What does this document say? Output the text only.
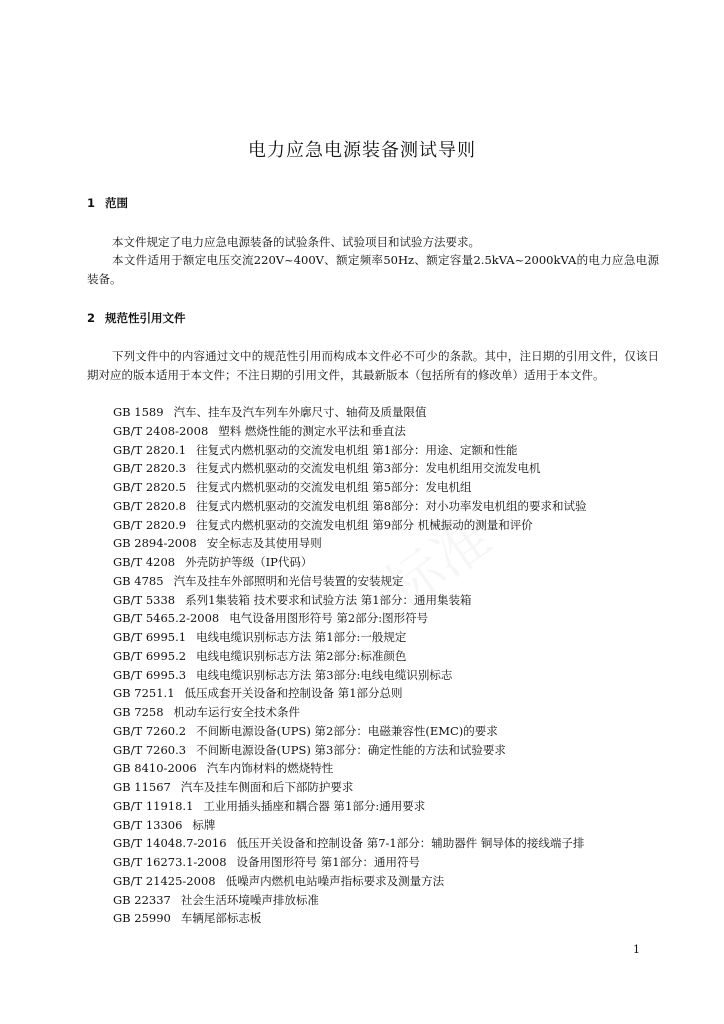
电力应急电源装备测试导则
1 范围

本文件规定了电力应急电源装备的试验条件、试验项目和试验方法要求。

本文件适用于额定电压交流220V~400V、额定频率50Hz、额定容量2.5kVA~2000kVA的电力应急电源装备。

2 规范性引用文件

下列文件中的内容通过文中的规范性引用而构成本文件必不可少的条款。其中，注日期的引用文件，仅该日期对应的版本适用于本文件；不注日期的引用文件，其最新版本（包括所有的修改单）适用于本文件。

GB 1589 汽车、挂车及汽车列车外廓尺寸、轴荷及质量限值
GB/T 2408-2008 塑料 燃烧性能的测定水平法和垂直法
GB/T 2820.1 往复式内燃机驱动的交流发电机组 第1部分：用途、定额和性能
GB/T 2820.3 往复式内燃机驱动的交流发电机组 第3部分：发电机组用交流发电机
GB/T 2820.5 往复式内燃机驱动的交流发电机组 第5部分：发电机组
GB/T 2820.8 往复式内燃机驱动的交流发电机组 第8部分：对小功率发电机组的要求和试验
GB/T 2820.9 往复式内燃机驱动的交流发电机组 第9部分 机械振动的测量和评价
GB 2894-2008 安全标志及其使用导则
GB/T 4208 外壳防护等级（IP代码）
GB 4785 汽车及挂车外部照明和光信号装置的安装规定
GB/T 5338 系列1集装箱 技术要求和试验方法 第1部分：通用集装箱
GB/T 5465.2-2008 电气设备用图形符号 第2部分:图形符号
GB/T 6995.1 电线电缆识别标志方法 第1部分:一般规定
GB/T 6995.2 电线电缆识别标志方法 第2部分:标准颜色
GB/T 6995.3 电线电缆识别标志方法 第3部分:电线电缆识别标志
GB 7251.1 低压成套开关设备和控制设备 第1部分总则
GB 7258 机动车运行安全技术条件
GB/T 7260.2 不间断电源设备(UPS) 第2部分：电磁兼容性(EMC)的要求
GB/T 7260.3 不间断电源设备(UPS) 第3部分：确定性能的方法和试验要求
GB 8410-2006 汽车内饰材料的燃烧特性
GB 11567 汽车及挂车侧面和后下部防护要求
GB/T 11918.1 工业用插头插座和耦合器 第1部分:通用要求
GB/T 13306 标牌
GB/T 14048.7-2016 低压开关设备和控制设备 第7-1部分：辅助器件 铜导体的接线端子排
GB/T 16273.1-2008 设备用图形符号 第1部分：通用符号
GB/T 21425-2008 低噪声内燃机电站噪声指标要求及测量方法
GB 22337 社会生活环境噪声排放标准
GB 25990 车辆尾部标志板

1
